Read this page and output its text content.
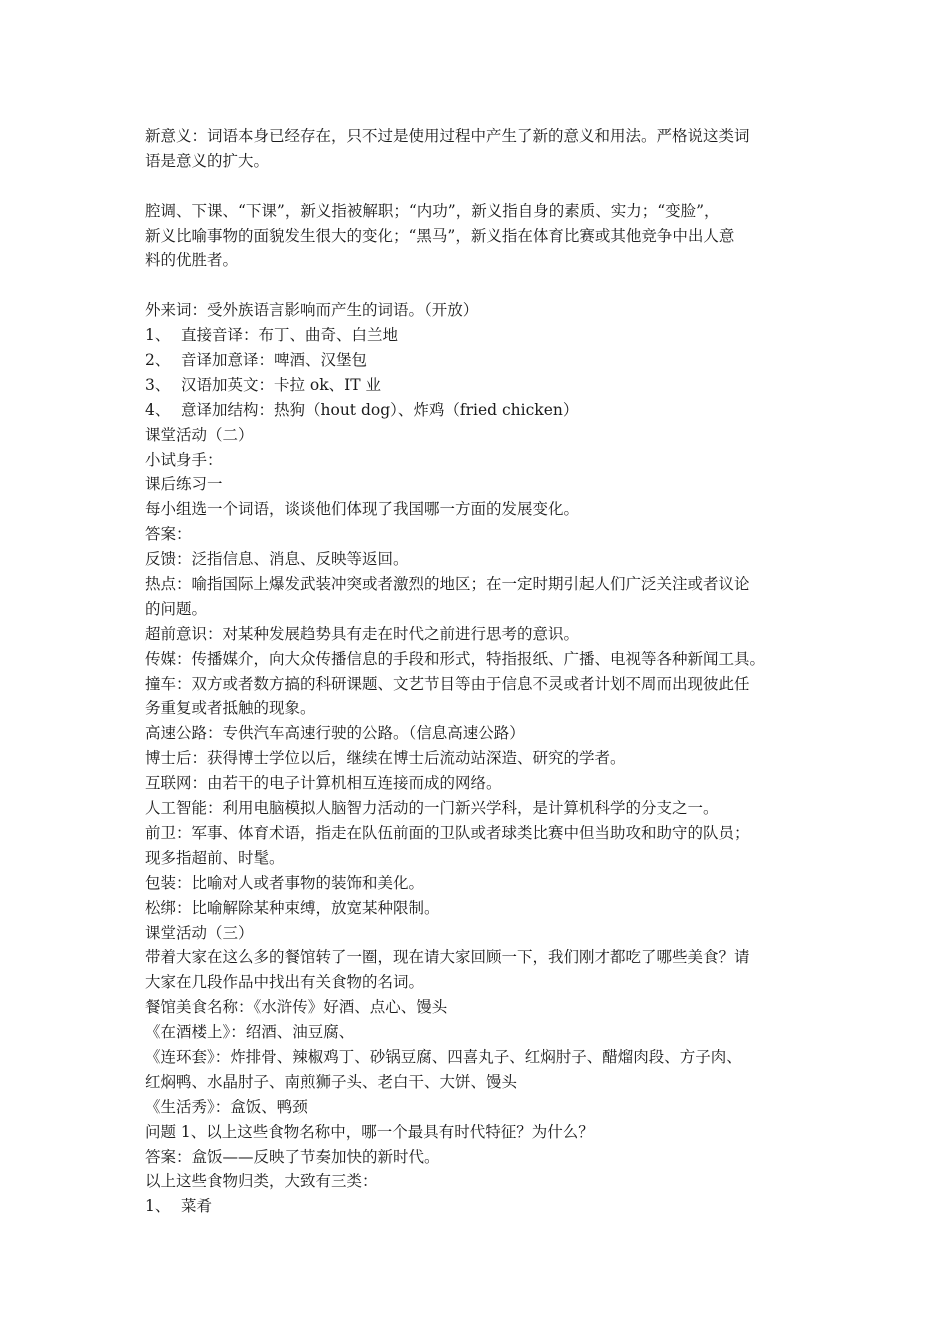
新意义：词语本身已经存在，只不过是使用过程中产生了新的意义和用法。严格说这类词
语是意义的扩大。
腔调、下课、“下课”，新义指被解职；“内功”，新义指自身的素质、实力；“变脸”，
新义比喻事物的面貌发生很大的变化；“黑马”，新义指在体育比赛或其他竞争中出人意
料的优胜者。
外来词：受外族语言影响而产生的词语。（开放）
1、 直接音译：布丁、曲奇、白兰地
2、 音译加意译：啤酒、汉堡包
3、 汉语加英文：卡拉 ok、IT 业
4、 意译加结构：热狗（hout dog）、炸鸡（fried chicken）
课堂活动（二）
小试身手：
课后练习一
每小组选一个词语，谈谈他们体现了我国哪一方面的发展变化。
答案：
反馈：泛指信息、消息、反映等返回。
热点：喻指国际上爆发武装冲突或者激烈的地区；在一定时期引起人们广泛关注或者议论
的问题。
超前意识：对某种发展趋势具有走在时代之前进行思考的意识。
传媒：传播媒介，向大众传播信息的手段和形式，特指报纸、广播、电视等各种新闻工具。
撞车：双方或者数方搞的科研课题、文艺节目等由于信息不灵或者计划不周而出现彼此任
务重复或者抵触的现象。
高速公路：专供汽车高速行驶的公路。（信息高速公路）
博士后：获得博士学位以后，继续在博士后流动站深造、研究的学者。
互联网：由若干的电子计算机相互连接而成的网络。
人工智能：利用电脑模拟人脑智力活动的一门新兴学科，是计算机科学的分支之一。
前卫：军事、体育术语，指走在队伍前面的卫队或者球类比赛中但当助攻和助守的队员；
现多指超前、时髦。
包装：比喻对人或者事物的装饰和美化。
松绑：比喻解除某种束缚，放宽某种限制。
课堂活动（三）
带着大家在这么多的餐馆转了一圈，现在请大家回顾一下，我们刚才都吃了哪些美食？请
大家在几段作品中找出有关食物的名词。
餐馆美食名称：《水浒传》好酒、点心、馒头
《在酒楼上》：绍酒、油豆腐、
《连环套》：炸排骨、辣椒鸡丁、砂锅豆腐、四喜丸子、红焖肘子、醋熘肉段、方子肉、
红焖鸭、水晶肘子、南煎狮子头、老白干、大饼、馒头
《生活秀》：盒饭、鸭颈
问题 1、以上这些食物名称中，哪一个最具有时代特征？为什么？
答案：盒饭——反映了节奏加快的新时代。
以上这些食物归类，大致有三类：
1、 菜肴
